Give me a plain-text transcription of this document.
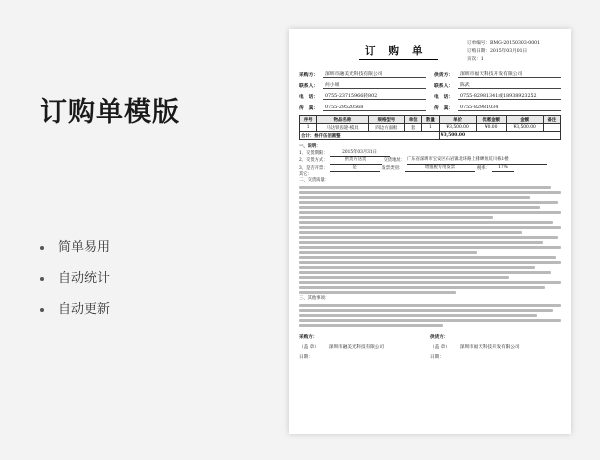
订购单模版
简单易用
自动统计
自动更新
订购单
订单编号：BMG-20150303-0001
订购日期：2015年03月01日
页次：1
采购方：	深圳市融美光科技有限公司
联系人：	何小姐
电　话：	0755-23715966转802
传　真：	0755-29520568
供货方：	深圳市福天科技开发有限公司
联系人：	陈武
电　话：	0755-82981341或18938923252
传　真：	0755-82981034
序号	物品名称	规格型号	单位	数量	单价	优惠金额	金额	备注
1	马达铁齿轮-模具	四边方面框	套	1	¥3,500.00	¥0.00	¥3,500.00	
合计：叁仟伍佰圆整					¥3,500.00			
一、说明：
1、交货期限：	2015年03月31日
2、交货方式：	供货方送货	交货地址： 广东省深圳市宝安区石岩镇北环路上排蝉鱼坑川栋1楼
3、是否开票：	是	发票类别：	增值税专用发票	税率：	17%
其它：
二、交货质量：
三、其他事项：
采购方：
（盖 章）	深圳市融美光科技有限公司
日期：
供货方：
（盖 章）	深圳市福天科技开发有限公司
日期：
